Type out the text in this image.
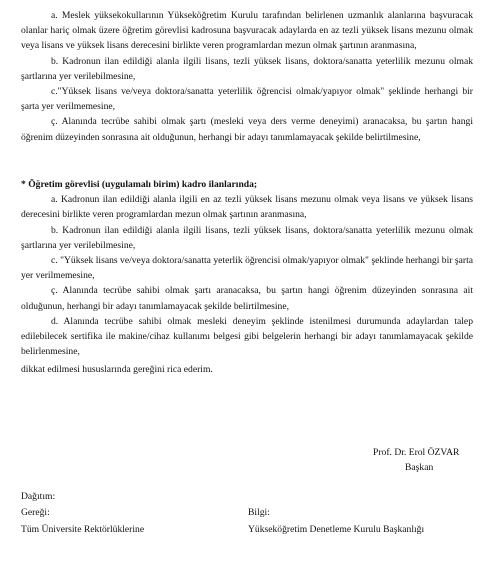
a. Meslek yüksekokullarının Yükseköğretim Kurulu tarafından belirlenen uzmanlık alanlarına başvuracak olanlar hariç olmak üzere öğretim görevlisi kadrosuna başvuracak adaylarda en az tezli yüksek lisans mezunu olmak veya lisans ve yüksek lisans derecesini birlikte veren programlardan mezun olmak şartının aranmasına,

b. Kadronun ilan edildiği alanla ilgili lisans, tezli yüksek lisans, doktora/sanatta yeterlilik mezunu olmak şartlarına yer verilebilmesine,

c."Yüksek lisans ve/veya doktora/sanatta yeterlilik öğrencisi olmak/yapıyor olmak" şeklinde herhangi bir şarta yer verilmemesine,

ç. Alanında tecrübe sahibi olmak şartı (mesleki veya ders verme deneyimi) aranacaksa, bu şartın hangi öğrenim düzeyinden sonrasına ait olduğunun, herhangi bir adayı tanımlamayacak şekilde belirtilmesine,

* Öğretim görevlisi (uygulamalı birim) kadro ilanlarında;

a. Kadronun ilan edildiği alanla ilgili en az tezli yüksek lisans mezunu olmak veya lisans ve yüksek lisans derecesini birlikte veren programlardan mezun olmak şartının aranmasına,

b. Kadronun ilan edildiği alanla ilgili lisans, tezli yüksek lisans, doktora/sanatta yeterlilik mezunu olmak şartlarına yer verilebilmesine,

c. "Yüksek lisans ve/veya doktora/sanatta yeterlik öğrencisi olmak/yapıyor olmak" şeklinde herhangi bir şarta yer verilmemesine,

ç. Alanında tecrübe sahibi olmak şartı aranacaksa, bu şartın hangi öğrenim düzeyinden sonrasına ait olduğunun, herhangi bir adayı tanımlamayacak şekilde belirtilmesine,

d. Alanında tecrübe sahibi olmak mesleki deneyim şeklinde istenilmesi durumunda adaylardan talep edilebilecek sertifika ile makine/cihaz kullanımı belgesi gibi belgelerin herhangi bir adayı tanımlamayacak şekilde belirlenmesine,

dikkat edilmesi hususlarında gereğini rica ederim.

Prof. Dr. Erol ÖZVAR
Başkan
Dağıtım:
Gereği:	Bilgi:
Tüm Üniversite Rektörlüklerine	Yükseköğretim Denetleme Kurulu Başkanlığı
